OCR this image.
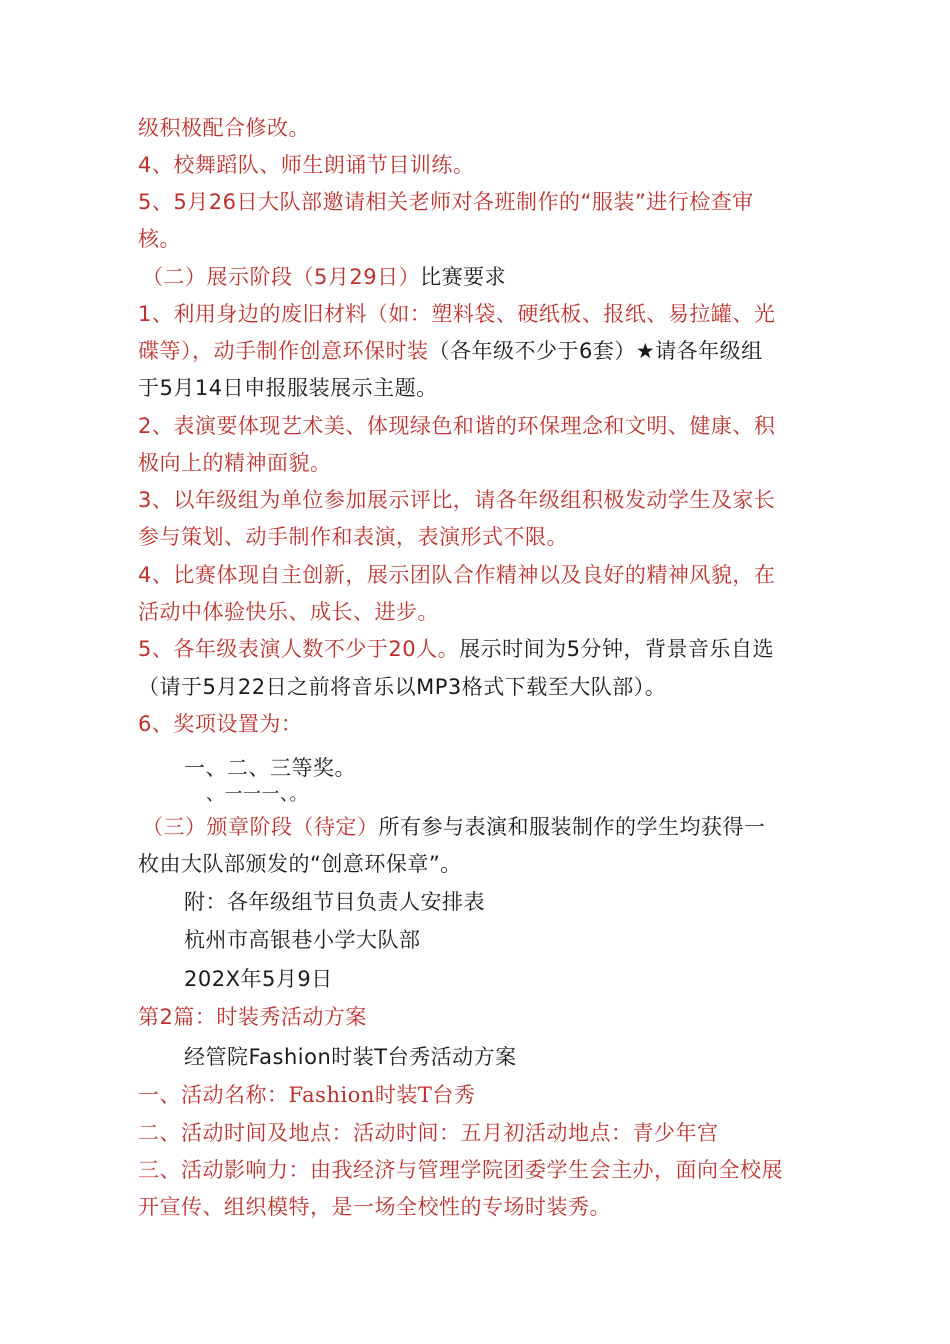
级积极配合修改。
4、校舞蹈队、师生朗诵节目训练。
5、5月26日大队部邀请相关老师对各班制作的“服装”进行检查审
核。
（二）展示阶段（5月29日）比赛要求
1、利用身边的废旧材料（如：塑料袋、硬纸板、报纸、易拉罐、光
碟等），动手制作创意环保时装（各年级不少于6套）★请各年级组
于5月14日申报服装展示主题。
2、表演要体现艺术美、体现绿色和谐的环保理念和文明、健康、积
极向上的精神面貌。
3、以年级组为单位参加展示评比，请各年级组积极发动学生及家长
参与策划、动手制作和表演，表演形式不限。
4、比赛体现自主创新，展示团队合作精神以及良好的精神风貌，在
活动中体验快乐、成长、进步。
5、各年级表演人数不少于20人。展示时间为5分钟，背景音乐自选
（请于5月22日之前将音乐以MP3格式下载至大队部）。
6、奖项设置为：
一、二、三等奖。
、一一一、。
（三）颁章阶段（待定）所有参与表演和服装制作的学生均获得一
枚由大队部颁发的“创意环保章”。
附：各年级组节目负责人安排表
杭州市高银巷小学大队部
202X年5月9日
第2篇：时装秀活动方案
经管院Fashion时装T台秀活动方案
一、活动名称：Fashion时装T台秀
二、活动时间及地点：活动时间：五月初活动地点：青少年宫
三、活动影响力：由我经济与管理学院团委学生会主办，面向全校展
开宣传、组织模特，是一场全校性的专场时装秀。
